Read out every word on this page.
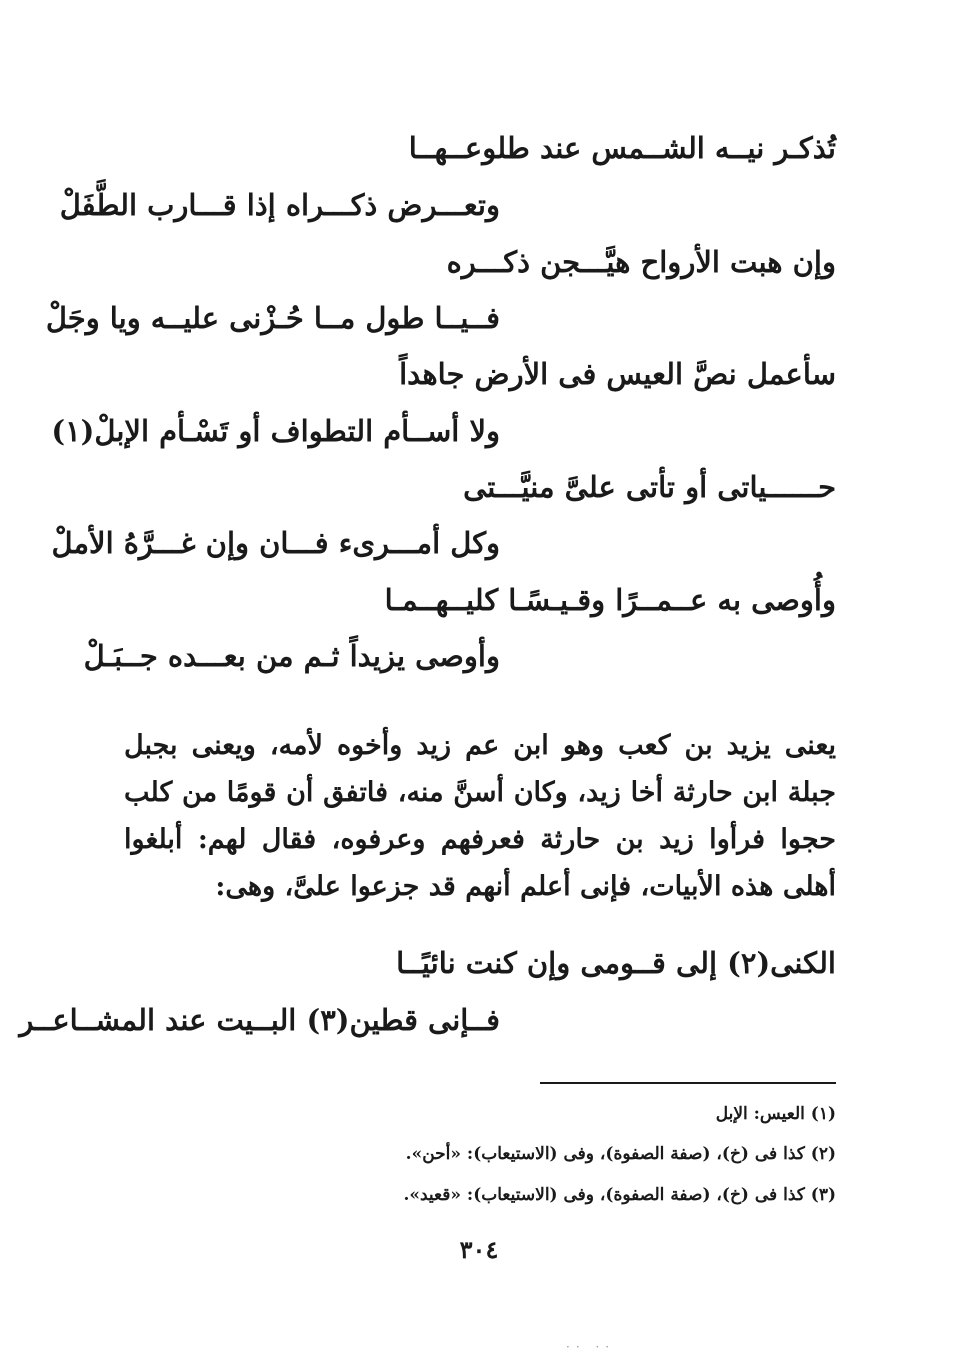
تُذكـر نيــه الشــمس عند طلوعــهــا
وتعـــرض ذكـــراه إذا قـــارب الطَّفَلْ
وإن هبت الأرواح هيَّـــجن ذكـــره
فــيــا طول مــا حُـزْنى عليــه ويا وجَلْ
سأعمل نصَّ العيس فى الأرض جاهداً
ولا أســأم التطواف أو تَسْـأم الإبلْ(١)
حــــــياتى أو تأتى علىَّ منيَّـــتى
وكل أمـــرىء فـــان وإن غـــرَّهُ الأملْ
وأُوصى به عــمــرًا وقـيـسًـا كليــهــمـا
وأوصى يزيداً ثـم من بعـــده جــبَـلْ
يعنى يزيد بن كعب وهو ابن عم زيد وأخوه لأمه، ويعنى بجبل جبلة ابن حارثة أخا زيد، وكان أسنَّ منه، فاتفق أن قومًا من كلب حجوا فرأوا زيد بن حارثة فعرفهم وعرفوه، فقال لهم: أبلغوا أهلى هذه الأبيات، فإنى أعلم أنهم قد جزعوا علىَّ، وهى:
الكنى(٢) إلى قــومى وإن كنت نائيًــا
فــإنى قطين(٣) البــيت عند المشــاعــر
(١) العيس: الإبل
(٢) كذا فى (خ)، (صفة الصفوة)، وفى (الاستيعاب): «أحن».
(٣) كذا فى (خ)، (صفة الصفوة)، وفى (الاستيعاب): «قعيد».
٣٠٤
·· ··
